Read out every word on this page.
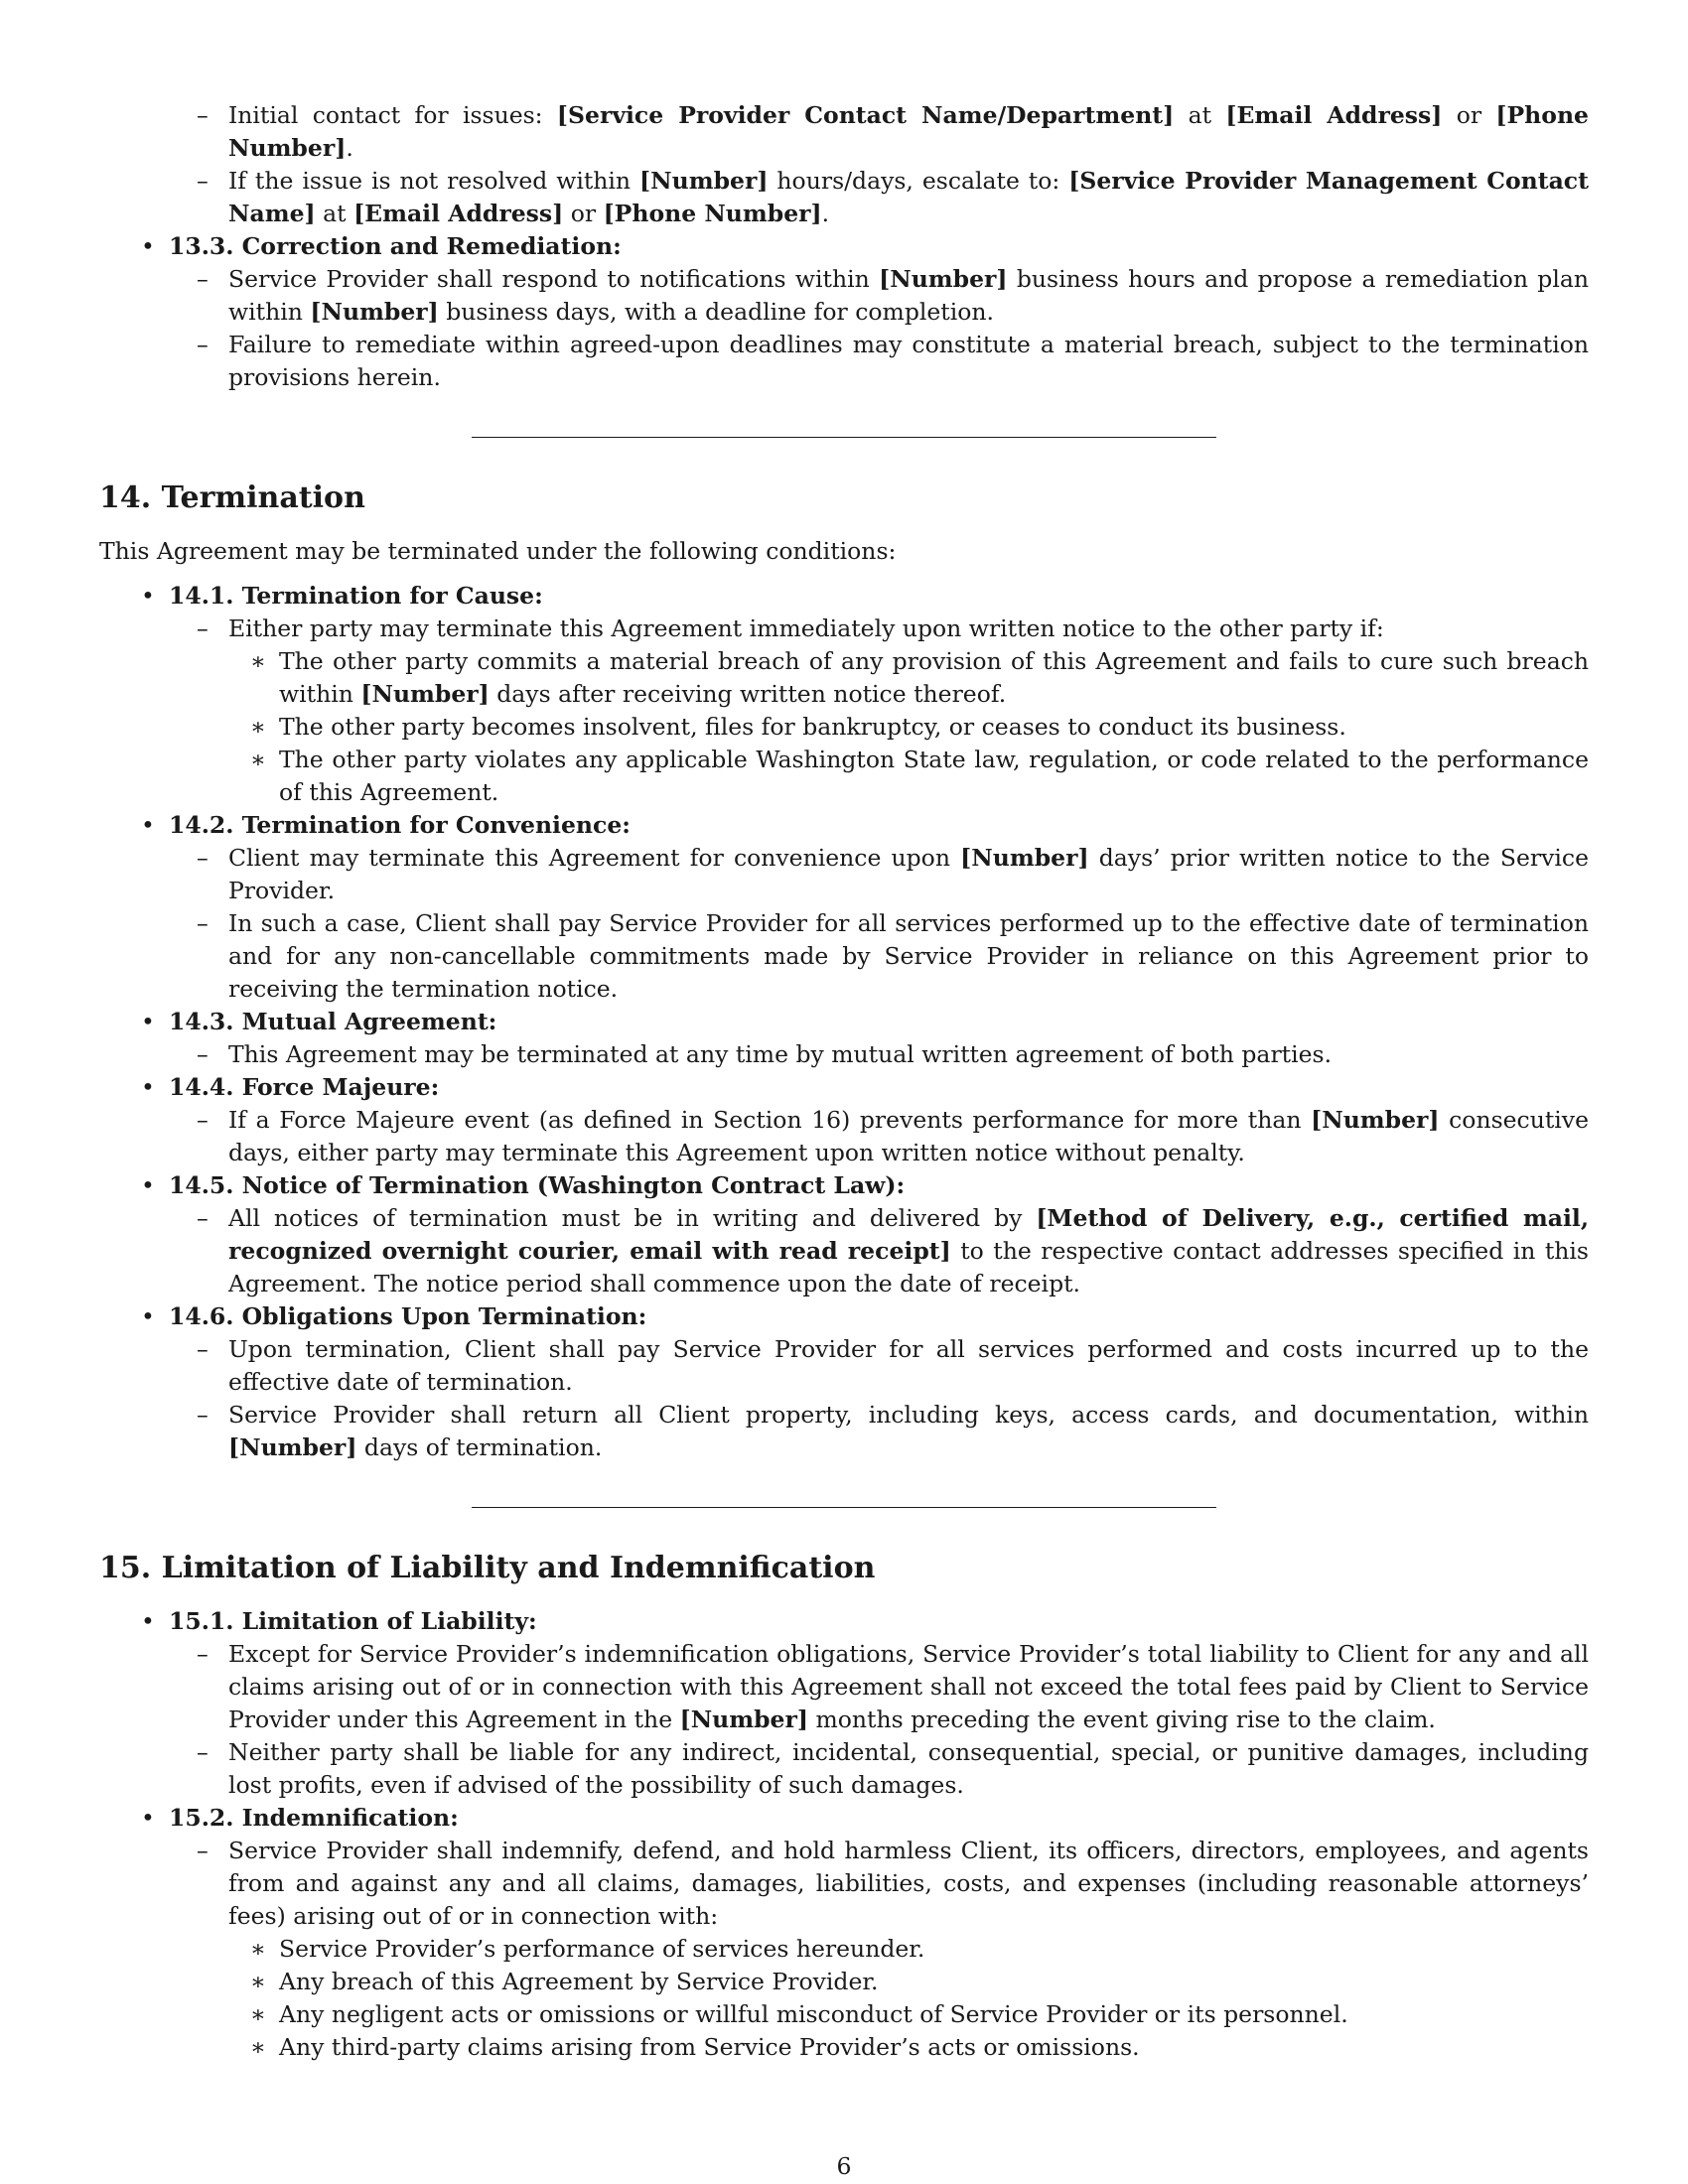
– Initial contact for issues: [Service Provider Contact Name/Department] at [Email Address] or [Phone Number].
– If the issue is not resolved within [Number] hours/days, escalate to: [Service Provider Management Contact Name] at [Email Address] or [Phone Number].
• 13.3. Correction and Remediation:
– Service Provider shall respond to notifications within [Number] business hours and propose a remediation plan within [Number] business days, with a deadline for completion.
– Failure to remediate within agreed-upon deadlines may constitute a material breach, subject to the termination provisions herein.
14. Termination

This Agreement may be terminated under the following conditions:

• 14.1. Termination for Cause:
– Either party may terminate this Agreement immediately upon written notice to the other party if:
∗ The other party commits a material breach of any provision of this Agreement and fails to cure such breach within [Number] days after receiving written notice thereof.
∗ The other party becomes insolvent, files for bankruptcy, or ceases to conduct its business.
∗ The other party violates any applicable Washington State law, regulation, or code related to the performance of this Agreement.
• 14.2. Termination for Convenience:
– Client may terminate this Agreement for convenience upon [Number] days’ prior written notice to the Service Provider.
– In such a case, Client shall pay Service Provider for all services performed up to the effective date of termination and for any non-cancellable commitments made by Service Provider in reliance on this Agreement prior to receiving the termination notice.
• 14.3. Mutual Agreement:
– This Agreement may be terminated at any time by mutual written agreement of both parties.
• 14.4. Force Majeure:
– If a Force Majeure event (as defined in Section 16) prevents performance for more than [Number] consecutive days, either party may terminate this Agreement upon written notice without penalty.
• 14.5. Notice of Termination (Washington Contract Law):
– All notices of termination must be in writing and delivered by [Method of Delivery, e.g., certified mail, recognized overnight courier, email with read receipt] to the respective contact addresses specified in this Agreement. The notice period shall commence upon the date of receipt.
• 14.6. Obligations Upon Termination:
– Upon termination, Client shall pay Service Provider for all services performed and costs incurred up to the effective date of termination.
– Service Provider shall return all Client property, including keys, access cards, and documentation, within [Number] days of termination.
15. Limitation of Liability and Indemnification
• 15.1. Limitation of Liability:
– Except for Service Provider’s indemnification obligations, Service Provider’s total liability to Client for any and all claims arising out of or in connection with this Agreement shall not exceed the total fees paid by Client to Service Provider under this Agreement in the [Number] months preceding the event giving rise to the claim.
– Neither party shall be liable for any indirect, incidental, consequential, special, or punitive damages, including lost profits, even if advised of the possibility of such damages.
• 15.2. Indemnification:
– Service Provider shall indemnify, defend, and hold harmless Client, its officers, directors, employees, and agents from and against any and all claims, damages, liabilities, costs, and expenses (including reasonable attorneys’ fees) arising out of or in connection with:
∗ Service Provider’s performance of services hereunder.
∗ Any breach of this Agreement by Service Provider.
∗ Any negligent acts or omissions or willful misconduct of Service Provider or its personnel.
∗ Any third-party claims arising from Service Provider’s acts or omissions.
6
